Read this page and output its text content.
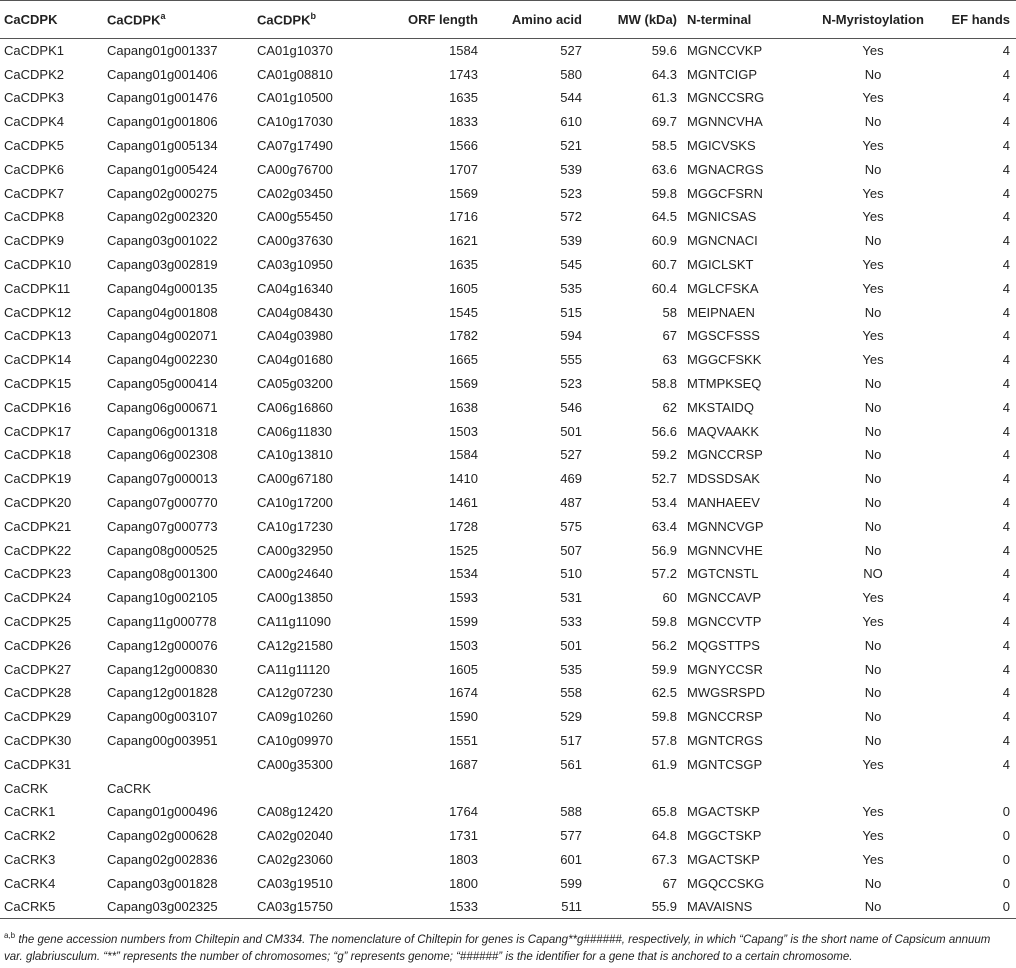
CaCDPK	CaCDPK$^a$	CaCDPK$^b$	ORF length	Amino acid	MW (kDa)	N-terminal	N-Myristoylation	EF hands
CaCDPK1	Capang01g001337	CA01g10370	1584	527	59.6	MGNCCVKP	Yes	4
CaCDPK2	Capang01g001406	CA01g08810	1743	580	64.3	MGNTCIGP	No	4
CaCDPK3	Capang01g001476	CA01g10500	1635	544	61.3	MGNCCSRG	Yes	4
CaCDPK4	Capang01g001806	CA10g17030	1833	610	69.7	MGNNCVHA	No	4
CaCDPK5	Capang01g005134	CA07g17490	1566	521	58.5	MGICVSKS	Yes	4
CaCDPK6	Capang01g005424	CA00g76700	1707	539	63.6	MGNACRGS	No	4
CaCDPK7	Capang02g000275	CA02g03450	1569	523	59.8	MGGCFSRN	Yes	4
CaCDPK8	Capang02g002320	CA00g55450	1716	572	64.5	MGNICSAS	Yes	4
CaCDPK9	Capang03g001022	CA00g37630	1621	539	60.9	MGNCNACI	No	4
CaCDPK10	Capang03g002819	CA03g10950	1635	545	60.7	MGICLSKT	Yes	4
CaCDPK11	Capang04g000135	CA04g16340	1605	535	60.4	MGLCFSKA	Yes	4
CaCDPK12	Capang04g001808	CA04g08430	1545	515	58	MEIPNAEN	No	4
CaCDPK13	Capang04g002071	CA04g03980	1782	594	67	MGSCFSSS	Yes	4
CaCDPK14	Capang04g002230	CA04g01680	1665	555	63	MGGCFSKK	Yes	4
CaCDPK15	Capang05g000414	CA05g03200	1569	523	58.8	MTMPKSEQ	No	4
CaCDPK16	Capang06g000671	CA06g16860	1638	546	62	MKSTAIDQ	No	4
CaCDPK17	Capang06g001318	CA06g11830	1503	501	56.6	MAQVAAKK	No	4
CaCDPK18	Capang06g002308	CA10g13810	1584	527	59.2	MGNCCRSP	No	4
CaCDPK19	Capang07g000013	CA00g67180	1410	469	52.7	MDSSDSAK	No	4
CaCDPK20	Capang07g000770	CA10g17200	1461	487	53.4	MANHAEEV	No	4
CaCDPK21	Capang07g000773	CA10g17230	1728	575	63.4	MGNNCVGP	No	4
CaCDPK22	Capang08g000525	CA00g32950	1525	507	56.9	MGNNCVHE	No	4
CaCDPK23	Capang08g001300	CA00g24640	1534	510	57.2	MGTCNSTL	NO	4
CaCDPK24	Capang10g002105	CA00g13850	1593	531	60	MGNCCAVP	Yes	4
CaCDPK25	Capang11g000778	CA11g11090	1599	533	59.8	MGNCCVTP	Yes	4
CaCDPK26	Capang12g000076	CA12g21580	1503	501	56.2	MQGSTTPS	No	4
CaCDPK27	Capang12g000830	CA11g11120	1605	535	59.9	MGNYCCSR	No	4
CaCDPK28	Capang12g001828	CA12g07230	1674	558	62.5	MWGSRSPD	No	4
CaCDPK29	Capang00g003107	CA09g10260	1590	529	59.8	MGNCCRSP	No	4
CaCDPK30	Capang00g003951	CA10g09970	1551	517	57.8	MGNTCRGS	No	4
CaCDPK31		CA00g35300	1687	561	61.9	MGNTCSGP	Yes	4
CaCRK	CaCRK							
CaCRK1	Capang01g000496	CA08g12420	1764	588	65.8	MGACTSKP	Yes	0
CaCRK2	Capang02g000628	CA02g02040	1731	577	64.8	MGGCTSKP	Yes	0
CaCRK3	Capang02g002836	CA02g23060	1803	601	67.3	MGACTSKP	Yes	0
CaCRK4	Capang03g001828	CA03g19510	1800	599	67	MGQCCSKG	No	0
CaCRK5	Capang03g002325	CA03g15750	1533	511	55.9	MAVAISNS	No	0
$^{a,b}$ the gene accession numbers from Chiltepin and CM334. The nomenclature of Chiltepin for genes is Capang**g######, respectively, in which “Capang” is the short name of Capsicum annuum var. glabriusculum. “**” represents the number of chromosomes; “g” represents genome; “######” is the identifier for a gene that is anchored to a certain chromosome.
